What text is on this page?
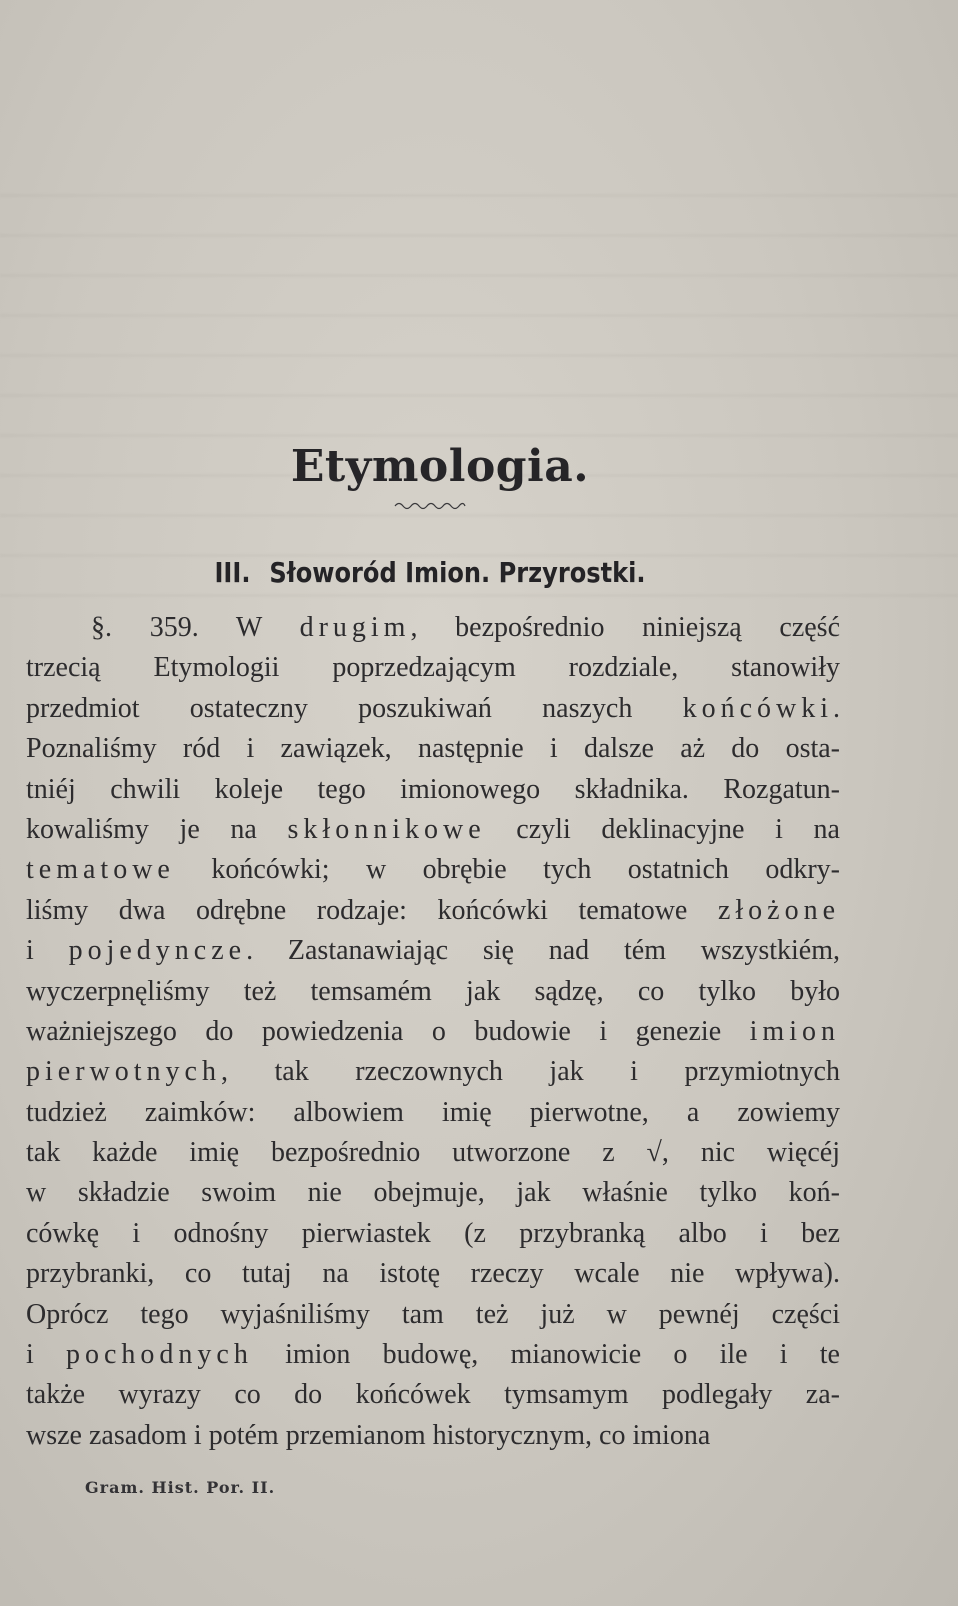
Etymologia.
III. Słoworód Imion. Przyrostki.
§. 359. W drugim, bezpośrednio niniejszą część
trzecią Etymologii poprzedzającym rozdziale, stanowiły
przedmiot ostateczny poszukiwań naszych końcówki.
Poznaliśmy ród i zawiązek, następnie i dalsze aż do osta-
tniéj chwili koleje tego imionowego składnika. Rozgatun-
kowaliśmy je na skłonnikowe czyli deklinacyjne i na
tematowe końcówki; w obrębie tych ostatnich odkry-
liśmy dwa odrębne rodzaje: końcówki tematowe złożone
i pojedyncze. Zastanawiając się nad tém wszystkiém,
wyczerpnęliśmy też temsamém jak sądzę, co tylko było
ważniejszego do powiedzenia o budowie i genezie imion
pierwotnych, tak rzeczownych jak i przymiotnych
tudzież zaimków: albowiem imię pierwotne, a zowiemy
tak każde imię bezpośrednio utworzone z √, nic więcéj
w składzie swoim nie obejmuje, jak właśnie tylko koń-
cówkę i odnośny pierwiastek (z przybranką albo i bez
przybranki, co tutaj na istotę rzeczy wcale nie wpływa).
Oprócz tego wyjaśniliśmy tam też już w pewnéj części
i pochodnych imion budowę, mianowicie o ile i te
także wyrazy co do końcówek tymsamym podlegały za-
wsze zasadom i potém przemianom historycznym, co imiona
Gram. Hist. Por. II.
